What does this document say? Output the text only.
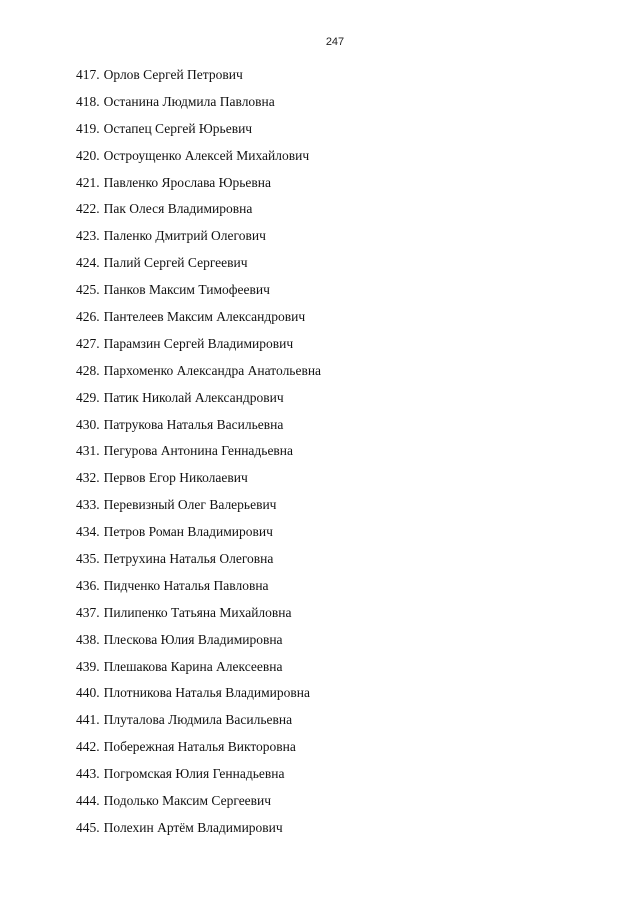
247
417. Орлов Сергей Петрович
418. Останина Людмила Павловна
419. Остапец Сергей Юрьевич
420. Остроущенко Алексей Михайлович
421. Павленко Ярослава Юрьевна
422. Пак Олеся Владимировна
423. Паленко Дмитрий Олегович
424. Палий Сергей Сергеевич
425. Панков Максим Тимофеевич
426. Пантелеев Максим Александрович
427. Парамзин Сергей Владимирович
428. Пархоменко Александра Анатольевна
429. Патик Николай Александрович
430. Патрукова Наталья Васильевна
431. Пегурова Антонина Геннадьевна
432. Первов Егор Николаевич
433. Перевизный Олег Валерьевич
434. Петров Роман Владимирович
435. Петрухина Наталья Олеговна
436. Пидченко Наталья Павловна
437. Пилипенко Татьяна Михайловна
438. Плескова Юлия Владимировна
439. Плешакова Карина Алексеевна
440. Плотникова Наталья Владимировна
441. Плуталова Людмила Васильевна
442. Побережная Наталья Викторовна
443. Погромская Юлия Геннадьевна
444. Подолько Максим Сергеевич
445. Полехин Артём Владимирович
